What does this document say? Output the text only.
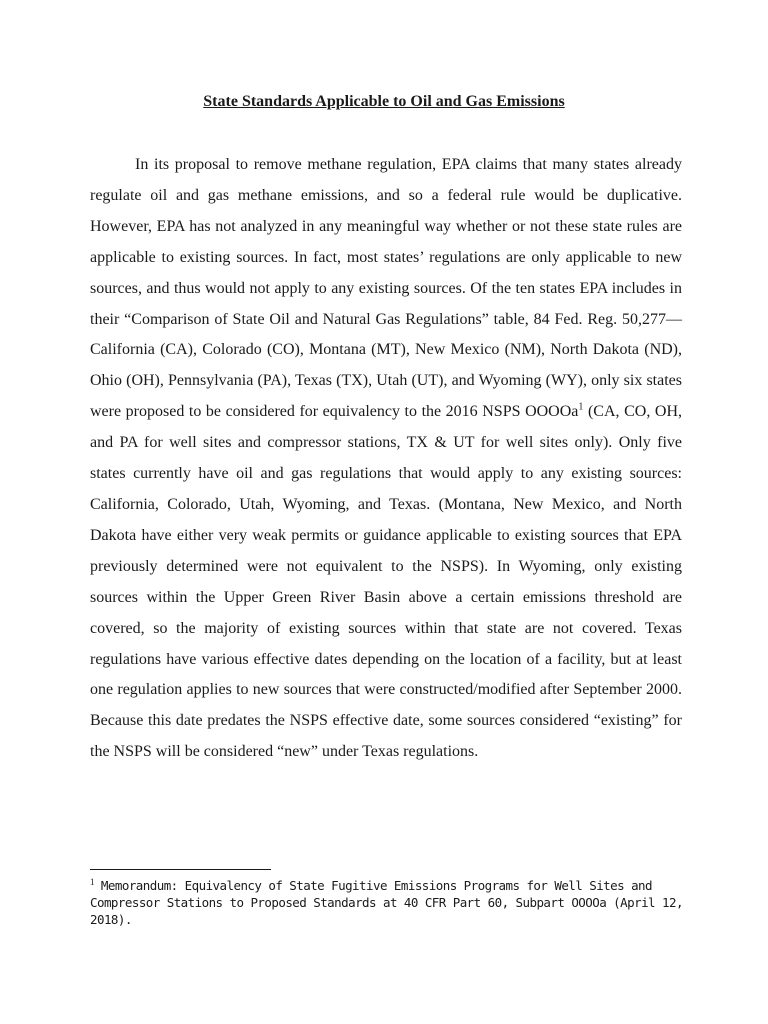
State Standards Applicable to Oil and Gas Emissions

In its proposal to remove methane regulation, EPA claims that many states already regulate oil and gas methane emissions, and so a federal rule would be duplicative. However, EPA has not analyzed in any meaningful way whether or not these state rules are applicable to existing sources. In fact, most states’ regulations are only applicable to new sources, and thus would not apply to any existing sources. Of the ten states EPA includes in their “Comparison of State Oil and Natural Gas Regulations” table, 84 Fed. Reg. 50,277—California (CA), Colorado (CO), Montana (MT), New Mexico (NM), North Dakota (ND), Ohio (OH), Pennsylvania (PA), Texas (TX), Utah (UT), and Wyoming (WY), only six states were proposed to be considered for equivalency to the 2016 NSPS OOOOa$^1$ (CA, CO, OH, and PA for well sites and compressor stations, TX & UT for well sites only). Only five states currently have oil and gas regulations that would apply to any existing sources: California, Colorado, Utah, Wyoming, and Texas. (Montana, New Mexico, and North Dakota have either very weak permits or guidance applicable to existing sources that EPA previously determined were not equivalent to the NSPS). In Wyoming, only existing sources within the Upper Green River Basin above a certain emissions threshold are covered, so the majority of existing sources within that state are not covered. Texas regulations have various effective dates depending on the location of a facility, but at least one regulation applies to new sources that were constructed/modified after September 2000. Because this date predates the NSPS effective date, some sources considered “existing” for the NSPS will be considered “new” under Texas regulations.

$^1$ Memorandum: Equivalency of State Fugitive Emissions Programs for Well Sites and Compressor Stations to Proposed Standards at 40 CFR Part 60, Subpart OOOOa (April 12, 2018).
